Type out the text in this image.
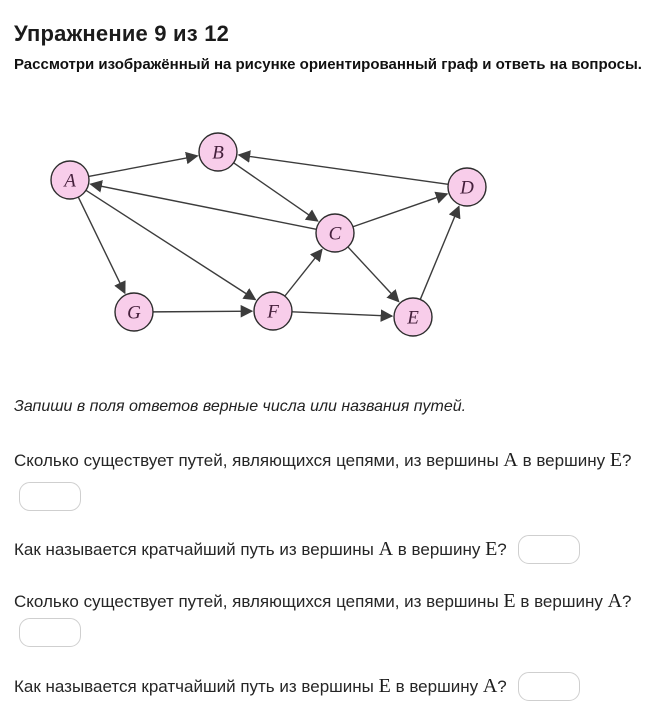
Упражнение 9 из 12
Рассмотри изображённый на рисунке ориентированный граф и ответь на вопросы.
A
B
C
D
E
F
G
Запиши в поля ответов верные числа или названия путей.

Сколько существует путей, являющихся цепями, из вершины A в вершину E?

Как называется кратчайший путь из вершины A в вершину E?

Сколько существует путей, являющихся цепями, из вершины E в вершину A?

Как называется кратчайший путь из вершины E в вершину A?
